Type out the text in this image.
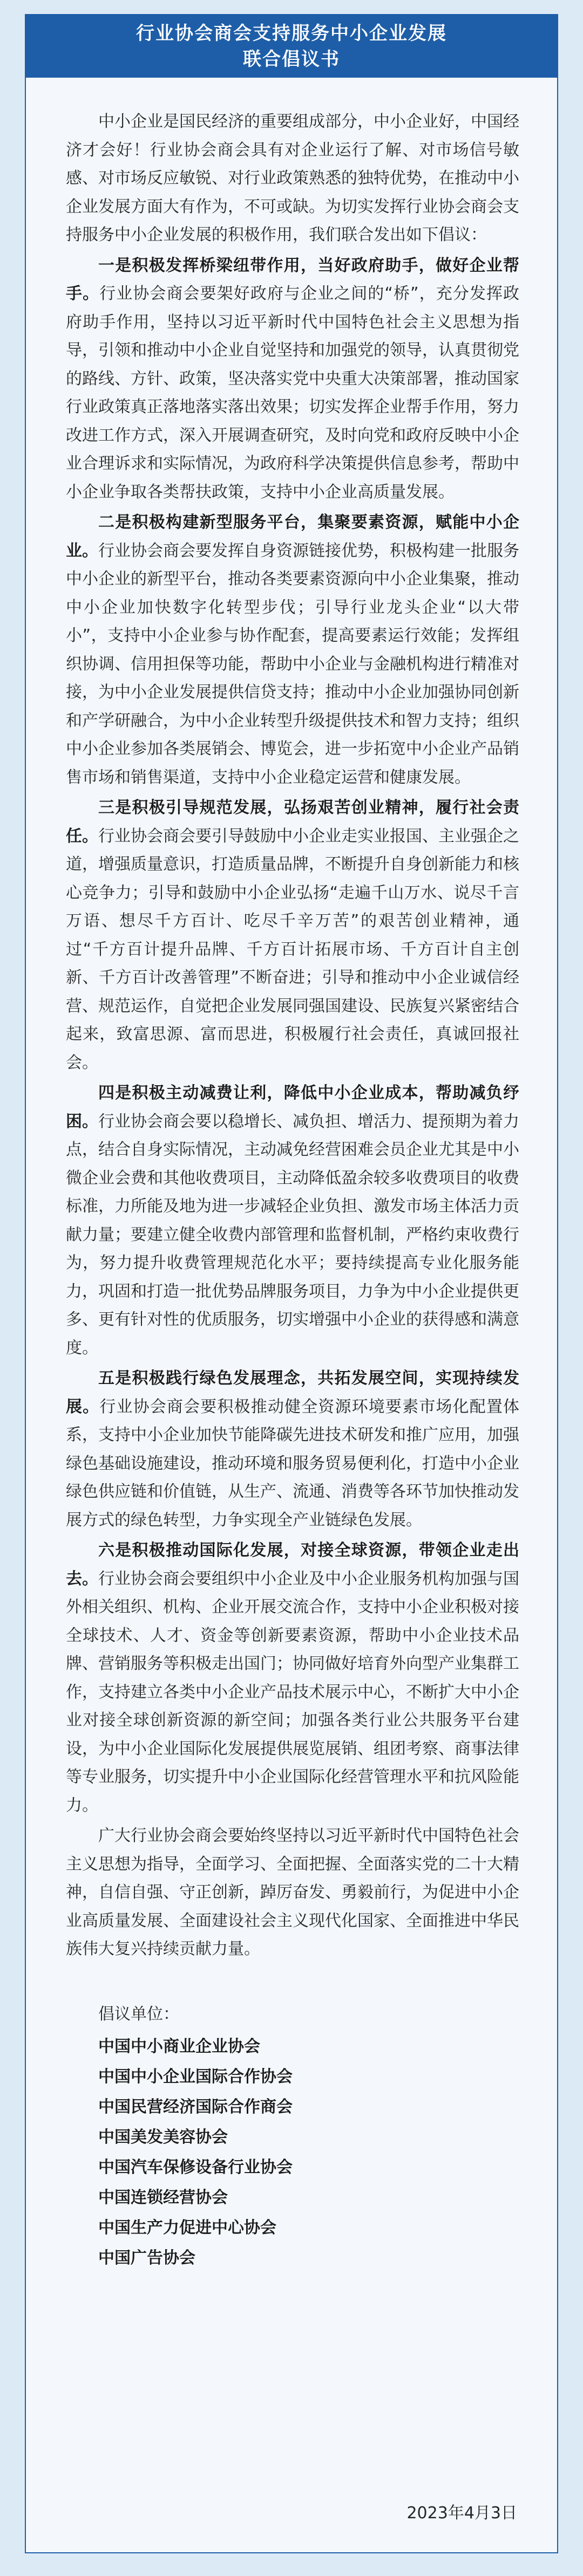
行业协会商会支持服务中小企业发展
联合倡议书

中小企业是国民经济的重要组成部分，中小企业好，中国经济才会好！行业协会商会具有对企业运行了解、对市场信号敏感、对市场反应敏锐、对行业政策熟悉的独特优势，在推动中小企业发展方面大有作为，不可或缺。为切实发挥行业协会商会支持服务中小企业发展的积极作用，我们联合发出如下倡议：

一是积极发挥桥梁纽带作用，当好政府助手，做好企业帮手。行业协会商会要架好政府与企业之间的“桥”，充分发挥政府助手作用，坚持以习近平新时代中国特色社会主义思想为指导，引领和推动中小企业自觉坚持和加强党的领导，认真贯彻党的路线、方针、政策，坚决落实党中央重大决策部署，推动国家行业政策真正落地落实落出效果；切实发挥企业帮手作用，努力改进工作方式，深入开展调查研究，及时向党和政府反映中小企业合理诉求和实际情况，为政府科学决策提供信息参考，帮助中小企业争取各类帮扶政策，支持中小企业高质量发展。

二是积极构建新型服务平台，集聚要素资源，赋能中小企业。行业协会商会要发挥自身资源链接优势，积极构建一批服务中小企业的新型平台，推动各类要素资源向中小企业集聚，推动中小企业加快数字化转型步伐；引导行业龙头企业“以大带小”，支持中小企业参与协作配套，提高要素运行效能；发挥组织协调、信用担保等功能，帮助中小企业与金融机构进行精准对接，为中小企业发展提供信贷支持；推动中小企业加强协同创新和产学研融合，为中小企业转型升级提供技术和智力支持；组织中小企业参加各类展销会、博览会，进一步拓宽中小企业产品销售市场和销售渠道，支持中小企业稳定运营和健康发展。

三是积极引导规范发展，弘扬艰苦创业精神，履行社会责任。行业协会商会要引导鼓励中小企业走实业报国、主业强企之道，增强质量意识，打造质量品牌，不断提升自身创新能力和核心竞争力；引导和鼓励中小企业弘扬“走遍千山万水、说尽千言万语、想尽千方百计、吃尽千辛万苦”的艰苦创业精神，通过“千方百计提升品牌、千方百计拓展市场、千方百计自主创新、千方百计改善管理”不断奋进；引导和推动中小企业诚信经营、规范运作，自觉把企业发展同强国建设、民族复兴紧密结合起来，致富思源、富而思进，积极履行社会责任，真诚回报社会。

四是积极主动减费让利，降低中小企业成本，帮助减负纾困。行业协会商会要以稳增长、减负担、增活力、提预期为着力点，结合自身实际情况，主动减免经营困难会员企业尤其是中小微企业会费和其他收费项目，主动降低盈余较多收费项目的收费标准，力所能及地为进一步减轻企业负担、激发市场主体活力贡献力量；要建立健全收费内部管理和监督机制，严格约束收费行为，努力提升收费管理规范化水平；要持续提高专业化服务能力，巩固和打造一批优势品牌服务项目，力争为中小企业提供更多、更有针对性的优质服务，切实增强中小企业的获得感和满意度。

五是积极践行绿色发展理念，共拓发展空间，实现持续发展。行业协会商会要积极推动健全资源环境要素市场化配置体系，支持中小企业加快节能降碳先进技术研发和推广应用，加强绿色基础设施建设，推动环境和服务贸易便利化，打造中小企业绿色供应链和价值链，从生产、流通、消费等各环节加快推动发展方式的绿色转型，力争实现全产业链绿色发展。

六是积极推动国际化发展，对接全球资源，带领企业走出去。行业协会商会要组织中小企业及中小企业服务机构加强与国外相关组织、机构、企业开展交流合作，支持中小企业积极对接全球技术、人才、资金等创新要素资源，帮助中小企业技术品牌、营销服务等积极走出国门；协同做好培育外向型产业集群工作，支持建立各类中小企业产品技术展示中心，不断扩大中小企业对接全球创新资源的新空间；加强各类行业公共服务平台建设，为中小企业国际化发展提供展览展销、组团考察、商事法律等专业服务，切实提升中小企业国际化经营管理水平和抗风险能力。

广大行业协会商会要始终坚持以习近平新时代中国特色社会主义思想为指导，全面学习、全面把握、全面落实党的二十大精神，自信自强、守正创新，踔厉奋发、勇毅前行，为促进中小企业高质量发展、全面建设社会主义现代化国家、全面推进中华民族伟大复兴持续贡献力量。

倡议单位：
中国中小商业企业协会
中国中小企业国际合作协会
中国民营经济国际合作商会
中国美发美容协会
中国汽车保修设备行业协会
中国连锁经营协会
中国生产力促进中心协会
中国广告协会
2023年4月3日
